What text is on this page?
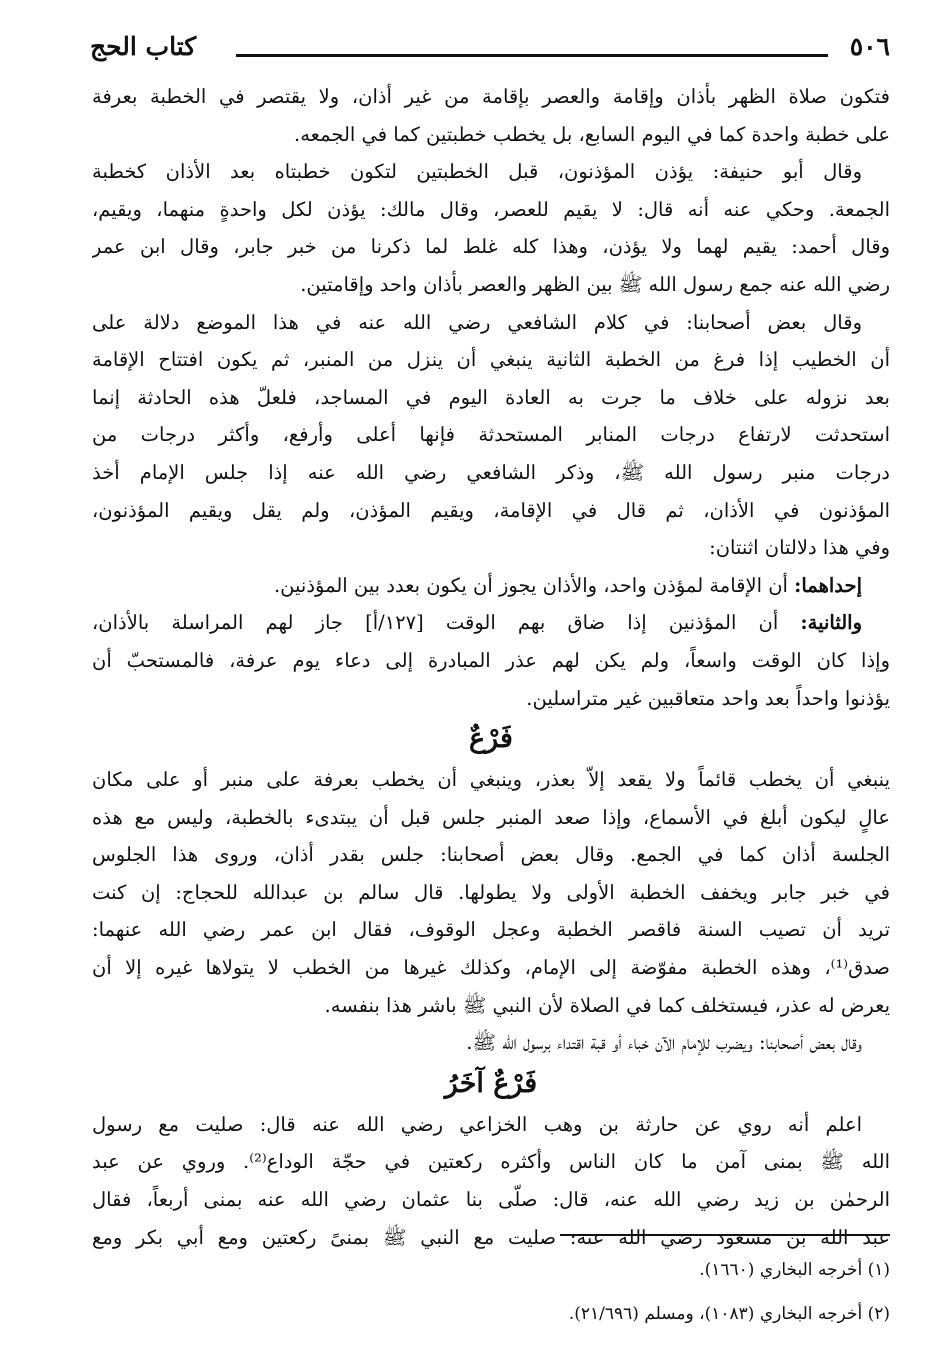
٥٠٦
كتاب الحج
فتكون صلاة الظهر بأذان وإقامة والعصر بإقامة من غير أذان، ولا يقتصر في الخطبة بعرفة
على خطبة واحدة كما في اليوم السابع، بل يخطب خطبتين كما في الجمعه.
وقال أبو حنيفة: يؤذن المؤذنون، قبل الخطبتين لتكون خطبتاه بعد الأذان كخطبة
الجمعة. وحكي عنه أنه قال: لا يقيم للعصر، وقال مالك: يؤذن لكل واحدةٍ منهما، ويقيم،
وقال أحمد: يقيم لهما ولا يؤذن، وهذا كله غلط لما ذكرنا من خبر جابر، وقال ابن عمر
رضي الله عنه جمع رسول الله ﷺ بين الظهر والعصر بأذان واحد وإقامتين.
وقال بعض أصحابنا: في كلام الشافعي رضي الله عنه في هذا الموضع دلالة على
أن الخطيب إذا فرغ من الخطبة الثانية ينبغي أن ينزل من المنبر، ثم يكون افتتاح الإقامة
بعد نزوله على خلاف ما جرت به العادة اليوم في المساجد، فلعلّ هذه الحادثة إنما
استحدثت لارتفاع درجات المنابر المستحدثة فإنها أعلى وأرفع، وأكثر درجات من
درجات منبر رسول الله ﷺ، وذكر الشافعي رضي الله عنه إذا جلس الإمام أخذ
المؤذنون في الأذان، ثم قال في الإقامة، ويقيم المؤذن، ولم يقل ويقيم المؤذنون،
وفي هذا دلالتان اثنتان:
إحداهما: أن الإقامة لمؤذن واحد، والأذان يجوز أن يكون بعدد بين المؤذنين.
والثانية: أن المؤذنين إذا ضاق بهم الوقت [١٢٧/أ] جاز لهم المراسلة بالأذان،
وإذا كان الوقت واسعاً، ولم يكن لهم عذر المبادرة إلى دعاء يوم عرفة، فالمستحبّ أن
يؤذنوا واحداً بعد واحد متعاقبين غير متراسلين.
فَرْعٌ
ينبغي أن يخطب قائماً ولا يقعد إلاّ بعذر، وينبغي أن يخطب بعرفة على منبر أو على مكان
عالٍ ليكون أبلغ في الأسماع، وإذا صعد المنبر جلس قبل أن يبتدىء بالخطبة، وليس مع هذه
الجلسة أذان كما في الجمع. وقال بعض أصحابنا: جلس بقدر أذان، وروى هذا الجلوس
في خبر جابر ويخفف الخطبة الأولى ولا يطولها. قال سالم بن عبدالله للحجاج: إن كنت
تريد أن تصيب السنة فاقصر الخطبة وعجل الوقوف، فقال ابن عمر رضي الله عنهما:
صدق⁽¹⁾، وهذه الخطبة مفوّضة إلى الإمام، وكذلك غيرها من الخطب لا يتولاها غيره إلا أن
يعرض له عذر، فيستخلف كما في الصلاة لأن النبي ﷺ باشر هذا بنفسه.
وقال بعض أصحابنا: ويضرب للإمام الآن خباء أو قبة اقتداء برسول الله ﷺ.
فَرْعٌ آخَرُ
اعلم أنه روي عن حارثة بن وهب الخزاعي رضي الله عنه قال: صليت مع رسول
الله ﷺ بمنى آمن ما كان الناس وأكثره ركعتين في حجّة الوداع⁽²⁾. وروي عن عبد
الرحمٰن بن زيد رضي الله عنه، قال: صلّى بنا عثمان رضي الله عنه بمنى أربعاً، فقال
عبد الله بن مسعود رضي الله عنه: صليت مع النبي ﷺ بمنىً ركعتين ومع أبي بكر ومع
(١) أخرجه البخاري (١٦٦٠).
(٢) أخرجه البخاري (١٠٨٣)، ومسلم (٢١/٦٩٦).
